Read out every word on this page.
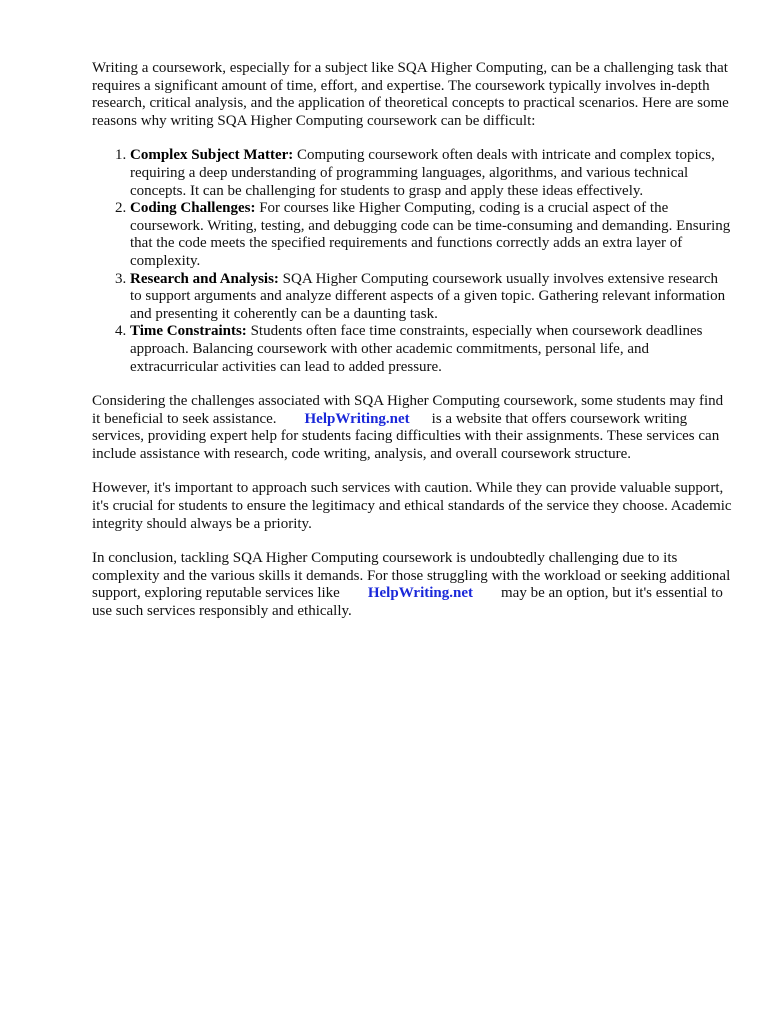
Writing a coursework, especially for a subject like SQA Higher Computing, can be a challenging task that requires a significant amount of time, effort, and expertise. The coursework typically involves in-depth research, critical analysis, and the application of theoretical concepts to practical scenarios. Here are some reasons why writing SQA Higher Computing coursework can be difficult:

1. Complex Subject Matter: Computing coursework often deals with intricate and complex topics, requiring a deep understanding of programming languages, algorithms, and various technical concepts. It can be challenging for students to grasp and apply these ideas effectively.
2. Coding Challenges: For courses like Higher Computing, coding is a crucial aspect of the coursework. Writing, testing, and debugging code can be time-consuming and demanding. Ensuring that the code meets the specified requirements and functions correctly adds an extra layer of complexity.
3. Research and Analysis: SQA Higher Computing coursework usually involves extensive research to support arguments and analyze different aspects of a given topic. Gathering relevant information and presenting it coherently can be a daunting task.
4. Time Constraints: Students often face time constraints, especially when coursework deadlines approach. Balancing coursework with other academic commitments, personal life, and extracurricular activities can lead to added pressure.

Considering the challenges associated with SQA Higher Computing coursework, some students may find it beneficial to seek assistance. HelpWriting.net is a website that offers coursework writing services, providing expert help for students facing difficulties with their assignments. These services can include assistance with research, code writing, analysis, and overall coursework structure.

However, it's important to approach such services with caution. While they can provide valuable support, it's crucial for students to ensure the legitimacy and ethical standards of the service they choose. Academic integrity should always be a priority.

In conclusion, tackling SQA Higher Computing coursework is undoubtedly challenging due to its complexity and the various skills it demands. For those struggling with the workload or seeking additional support, exploring reputable services like HelpWriting.net may be an option, but it's essential to use such services responsibly and ethically.
